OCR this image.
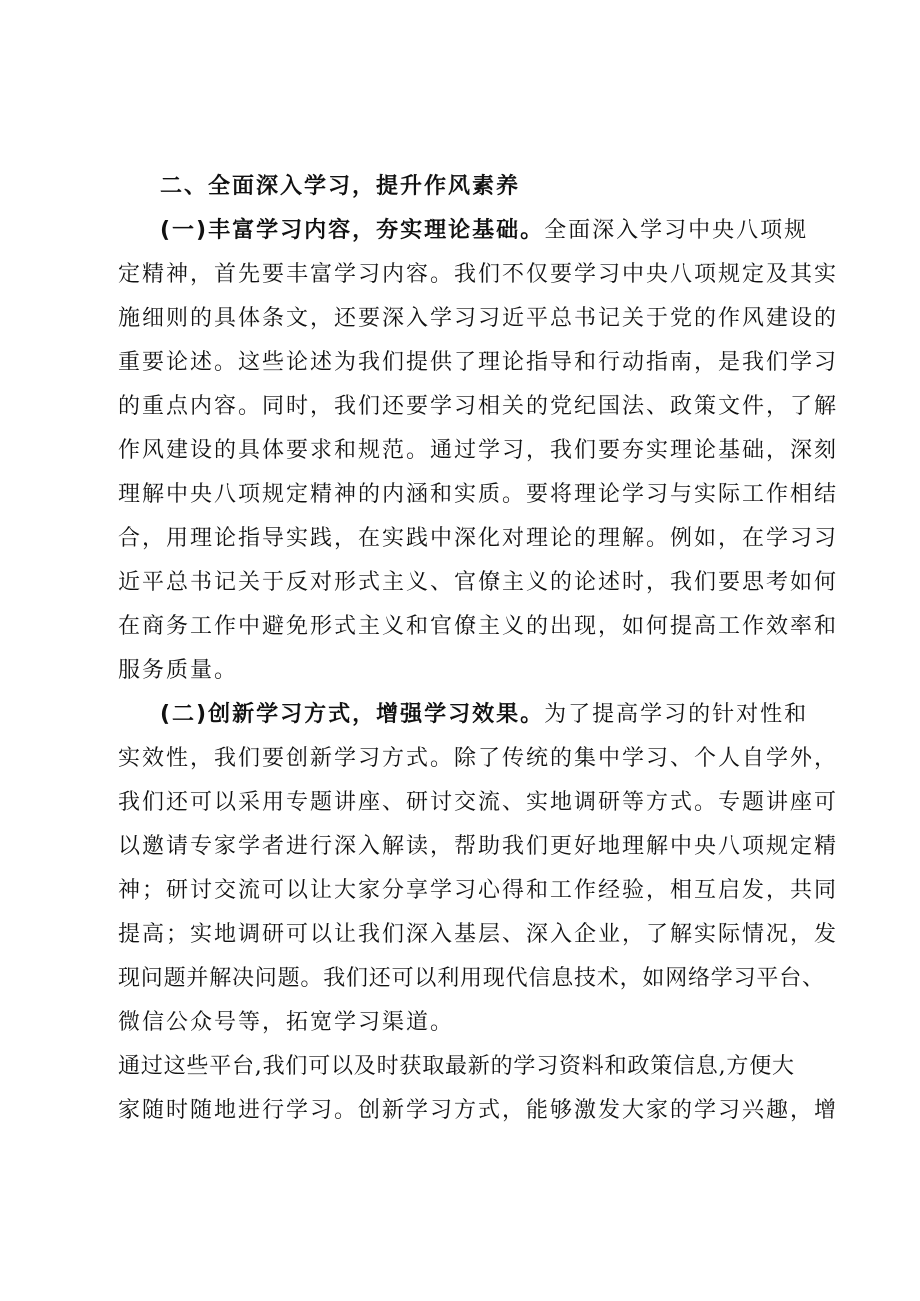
二、全面深入学习，提升作风素养
(一)丰富学习内容，夯实理论基础。全面深入学习中央八项规
定精神，首先要丰富学习内容。我们不仅要学习中央八项规定及其实
施细则的具体条文，还要深入学习习近平总书记关于党的作风建设的
重要论述。这些论述为我们提供了理论指导和行动指南，是我们学习
的重点内容。同时，我们还要学习相关的党纪国法、政策文件，了解
作风建设的具体要求和规范。通过学习，我们要夯实理论基础，深刻
理解中央八项规定精神的内涵和实质。要将理论学习与实际工作相结
合，用理论指导实践，在实践中深化对理论的理解。例如，在学习习
近平总书记关于反对形式主义、官僚主义的论述时，我们要思考如何
在商务工作中避免形式主义和官僚主义的出现，如何提高工作效率和
服务质量。
(二)创新学习方式，增强学习效果。为了提高学习的针对性和
实效性，我们要创新学习方式。除了传统的集中学习、个人自学外，
我们还可以采用专题讲座、研讨交流、实地调研等方式。专题讲座可
以邀请专家学者进行深入解读，帮助我们更好地理解中央八项规定精
神；研讨交流可以让大家分享学习心得和工作经验，相互启发，共同
提高；实地调研可以让我们深入基层、深入企业，了解实际情况，发
现问题并解决问题。我们还可以利用现代信息技术，如网络学习平台、
微信公众号等，拓宽学习渠道。
通过这些平台,我们可以及时获取最新的学习资料和政策信息,方便大
家随时随地进行学习。创新学习方式，能够激发大家的学习兴趣，增
